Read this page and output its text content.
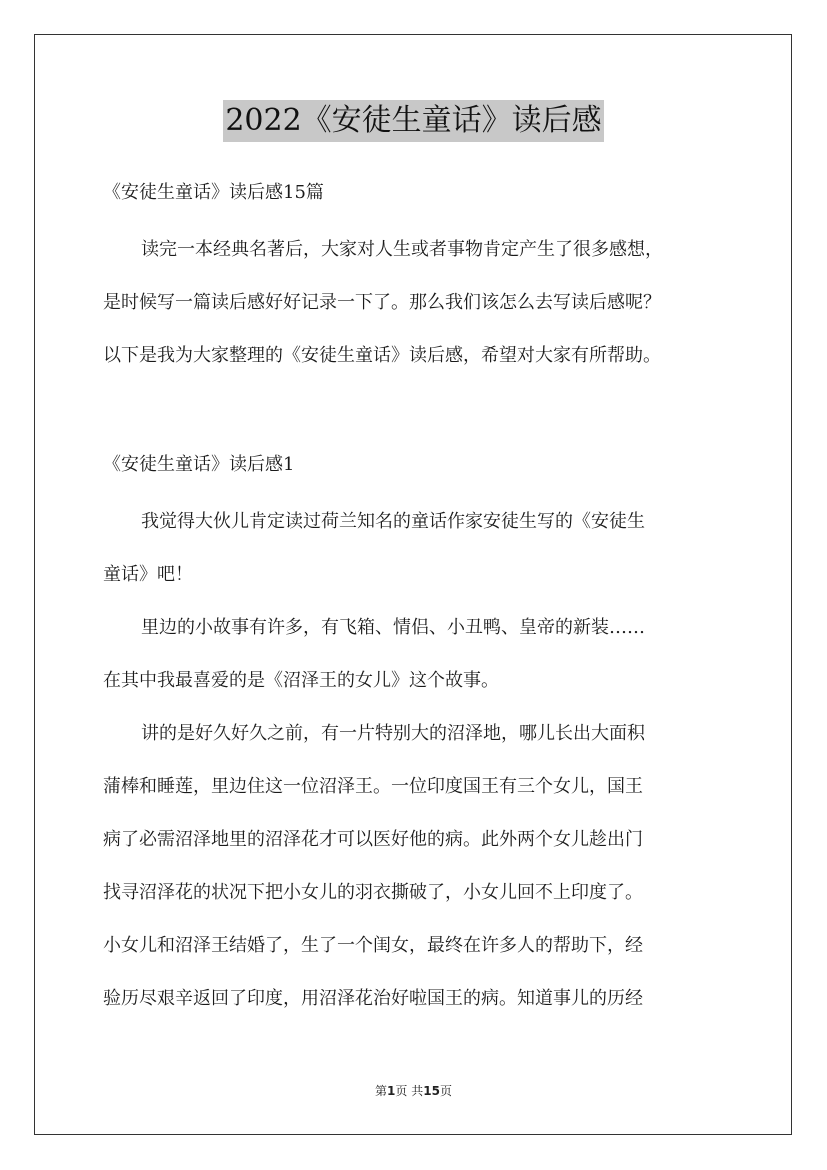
2022《安徒生童话》读后感
《安徒生童话》读后感15篇
读完一本经典名著后，大家对人生或者事物肯定产生了很多感想，
是时候写一篇读后感好好记录一下了。那么我们该怎么去写读后感呢？
以下是我为大家整理的《安徒生童话》读后感，希望对大家有所帮助。
《安徒生童话》读后感1
我觉得大伙儿肯定读过荷兰知名的童话作家安徒生写的《安徒生
童话》吧！
里边的小故事有许多，有飞箱、情侣、小丑鸭、皇帝的新装……
在其中我最喜爱的是《沼泽王的女儿》这个故事。
讲的是好久好久之前，有一片特别大的沼泽地，哪儿长出大面积
蒲棒和睡莲，里边住这一位沼泽王。一位印度国王有三个女儿，国王
病了必需沼泽地里的沼泽花才可以医好他的病。此外两个女儿趁出门
找寻沼泽花的状况下把小女儿的羽衣撕破了，小女儿回不上印度了。
小女儿和沼泽王结婚了，生了一个闺女，最终在许多人的帮助下，经
验历尽艰辛返回了印度，用沼泽花治好啦国王的病。知道事儿的历经
第1页 共15页
